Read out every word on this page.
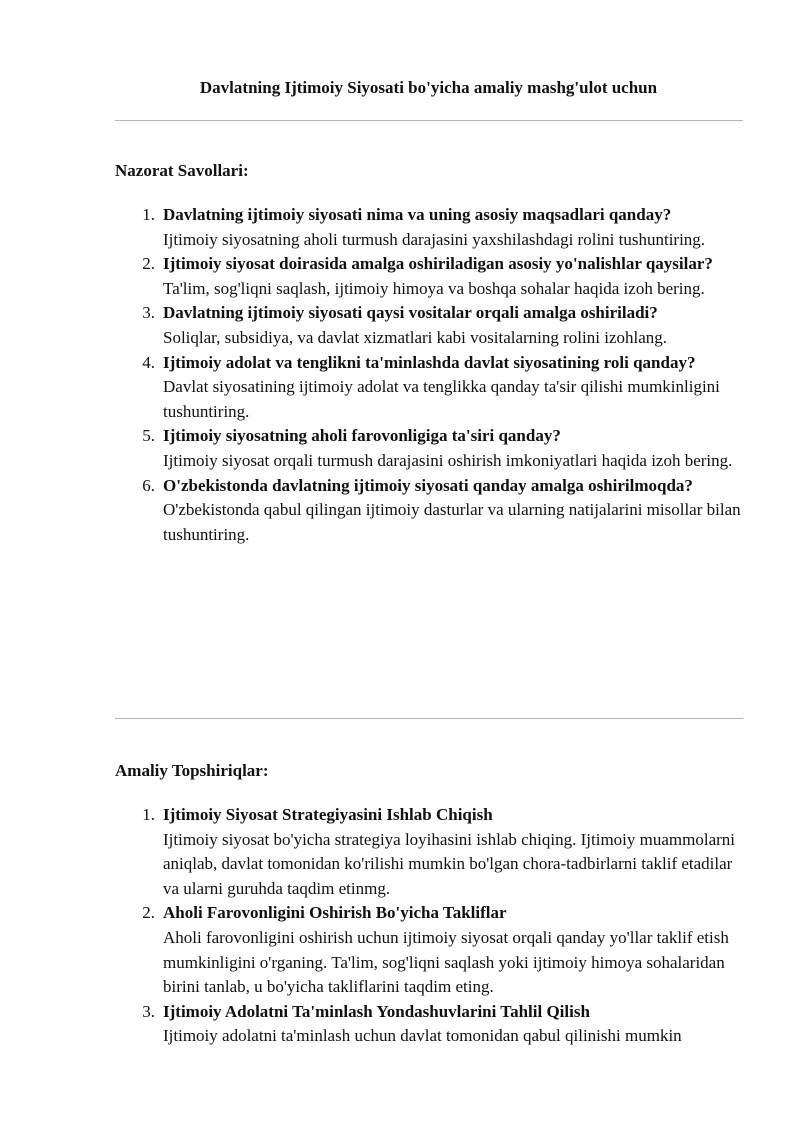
Davlatning Ijtimoiy Siyosati bo'yicha amaliy mashg'ulot uchun
Nazorat Savollari:
1. Davlatning ijtimoiy siyosati nima va uning asosiy maqsadlari qanday?
Ijtimoiy siyosatning aholi turmush darajasini yaxshilashdagi rolini tushuntiring.
2. Ijtimoiy siyosat doirasida amalga oshiriladigan asosiy yo'nalishlar qaysilar?
Ta'lim, sog'liqni saqlash, ijtimoiy himoya va boshqa sohalar haqida izoh bering.
3. Davlatning ijtimoiy siyosati qaysi vositalar orqali amalga oshiriladi?
Soliqlar, subsidiya, va davlat xizmatlari kabi vositalarning rolini izohlang.
4. Ijtimoiy adolat va tenglikni ta'minlashda davlat siyosatining roli qanday?
Davlat siyosatining ijtimoiy adolat va tenglikka qanday ta'sir qilishi mumkinligini tushuntiring.
5. Ijtimoiy siyosatning aholi farovonligiga ta'siri qanday?
Ijtimoiy siyosat orqali turmush darajasini oshirish imkoniyatlari haqida izoh bering.
6. O'zbekistonda davlatning ijtimoiy siyosati qanday amalga oshirilmoqda?
O'zbekistonda qabul qilingan ijtimoiy dasturlar va ularning natijalarini misollar bilan tushuntiring.
Amaliy Topshiriqlar:
1. Ijtimoiy Siyosat Strategiyasini Ishlab Chiqish
Ijtimoiy siyosat bo'yicha strategiya loyihasini ishlab chiqing. Ijtimoiy muammolarni aniqlab, davlat tomonidan ko'rilishi mumkin bo'lgan chora-tadbirlarni taklif etadilar va ularni guruhda taqdim etinmg.
2. Aholi Farovonligini Oshirish Bo'yicha Takliflar
Aholi farovonligini oshirish uchun ijtimoiy siyosat orqali qanday yo'llar taklif etish mumkinligini o'rganing. Ta'lim, sog'liqni saqlash yoki ijtimoiy himoya sohalaridan birini tanlab, u bo'yicha takliflarini taqdim eting.
3. Ijtimoiy Adolatni Ta'minlash Yondashuvlarini Tahlil Qilish
Ijtimoiy adolatni ta'minlash uchun davlat tomonidan qabul qilinishi mumkin
